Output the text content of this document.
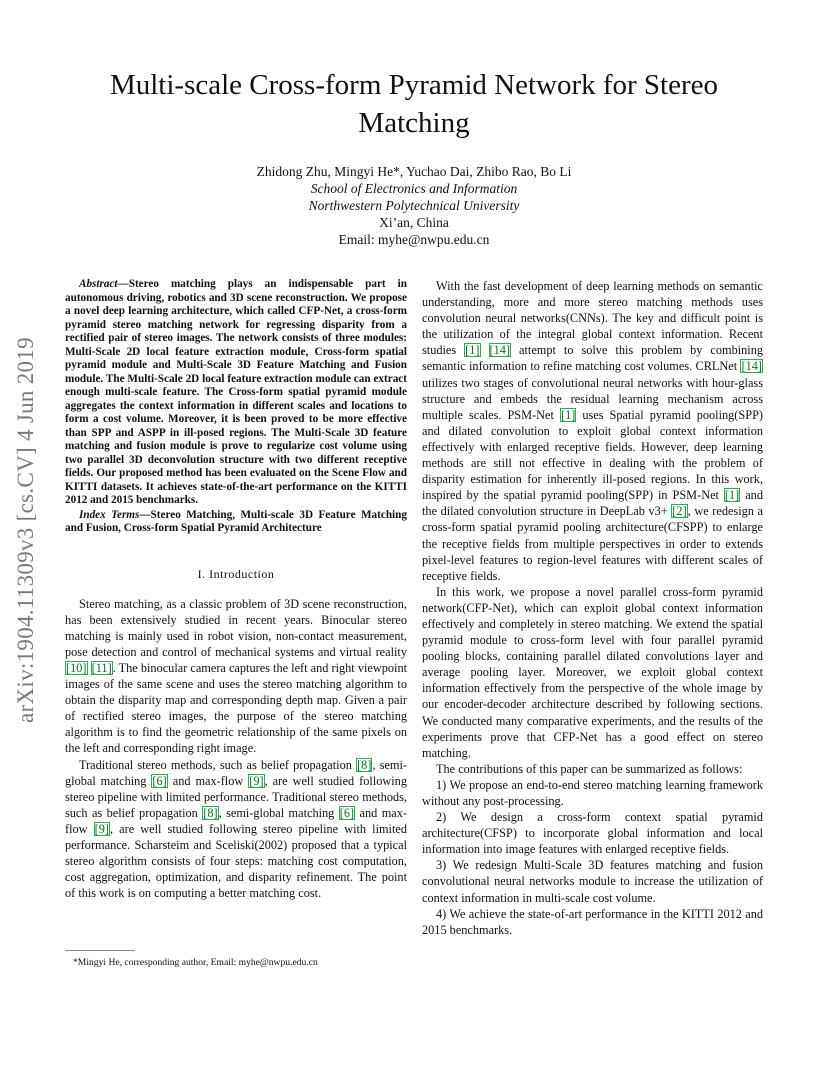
arXiv:1904.11309v3 [cs.CV] 4 Jun 2019
Multi-scale Cross-form Pyramid Network for Stereo Matching
Zhidong Zhu, Mingyi He*, Yuchao Dai, Zhibo Rao, Bo Li
School of Electronics and Information
Northwestern Polytechnical University
Xi’an, China
Email: myhe@nwpu.edu.cn

Abstract—Stereo matching plays an indispensable part in autonomous driving, robotics and 3D scene reconstruction. We propose a novel deep learning architecture, which called CFP-Net, a cross-form pyramid stereo matching network for regressing disparity from a rectified pair of stereo images. The network consists of three modules: Multi-Scale 2D local feature extraction module, Cross-form spatial pyramid module and Multi-Scale 3D Feature Matching and Fusion module. The Multi-Scale 2D local feature extraction module can extract enough multi-scale feature. The Cross-form spatial pyramid module aggregates the context information in different scales and locations to form a cost volume. Moreover, it is been proved to be more effective than SPP and ASPP in ill-posed regions. The Multi-Scale 3D feature matching and fusion module is prove to regularize cost volume using two parallel 3D deconvolution structure with two different receptive fields. Our proposed method has been evaluated on the Scene Flow and KITTI datasets. It achieves state-of-the-art performance on the KITTI 2012 and 2015 benchmarks.

Index Terms—Stereo Matching, Multi-scale 3D Feature Matching and Fusion, Cross-form Spatial Pyramid Architecture

I. Introduction

Stereo matching, as a classic problem of 3D scene reconstruction, has been extensively studied in recent years. Binocular stereo matching is mainly used in robot vision, non-contact measurement, pose detection and control of mechanical systems and virtual reality [ 10 ] [ 11 ] . The binocular camera captures the left and right viewpoint images of the same scene and uses the stereo matching algorithm to obtain the disparity map and corresponding depth map. Given a pair of rectified stereo images, the purpose of the stereo matching algorithm is to find the geometric relationship of the same pixels on the left and corresponding right image.

Traditional stereo methods, such as belief propagation [ 8 ] , semi-global matching [ 6 ] and max-flow [ 9 ] , are well studied following stereo pipeline with limited performance. Traditional stereo methods, such as belief propagation [ 8 ] , semi-global matching [ 6 ] and max-flow [ 9 ] , are well studied following stereo pipeline with limited performance. Scharsteim and Sceliski(2002) proposed that a typical stereo algorithm consists of four steps: matching cost computation, cost aggregation, optimization, and disparity refinement. The point of this work is on computing a better matching cost.

*Mingyi He, corresponding author, Email: myhe@nwpu.edu.cn

With the fast development of deep learning methods on semantic understanding, more and more stereo matching methods uses convolution neural networks(CNNs). The key and difficult point is the utilization of the integral global context information. Recent studies [ 1 ] [ 14 ] attempt to solve this problem by combining semantic information to refine matching cost volumes. CRLNet [ 14 ] utilizes two stages of convolutional neural networks with hour-glass structure and embeds the residual learning mechanism across multiple scales. PSM-Net [ 1 ] uses Spatial pyramid pooling(SPP) and dilated convolution to exploit global context information effectively with enlarged receptive fields. However, deep learning methods are still not effective in dealing with the problem of disparity estimation for inherently ill-posed regions. In this work, inspired by the spatial pyramid pooling(SPP) in PSM-Net [ 1 ] and the dilated convolution structure in DeepLab v3+ [ 2 ] , we redesign a cross-form spatial pyramid pooling architecture(CFSPP) to enlarge the receptive fields from multiple perspectives in order to extends pixel-level features to region-level features with different scales of receptive fields.

In this work, we propose a novel parallel cross-form pyramid network(CFP-Net), which can exploit global context information effectively and completely in stereo matching. We extend the spatial pyramid module to cross-form level with four parallel pyramid pooling blocks, containing parallel dilated convolutions layer and average pooling layer. Moreover, we exploit global context information effectively from the perspective of the whole image by our encoder-decoder architecture described by following sections. We conducted many comparative experiments, and the results of the experiments prove that CFP-Net has a good effect on stereo matching.

The contributions of this paper can be summarized as follows:

1) We propose an end-to-end stereo matching learning framework without any post-processing.

2) We design a cross-form context spatial pyramid architecture(CFSP) to incorporate global information and local information into image features with enlarged receptive fields.

3) We redesign Multi-Scale 3D features matching and fusion convolutional neural networks module to increase the utilization of context information in multi-scale cost volume.

4) We achieve the state-of-art performance in the KITTI 2012 and 2015 benchmarks.
